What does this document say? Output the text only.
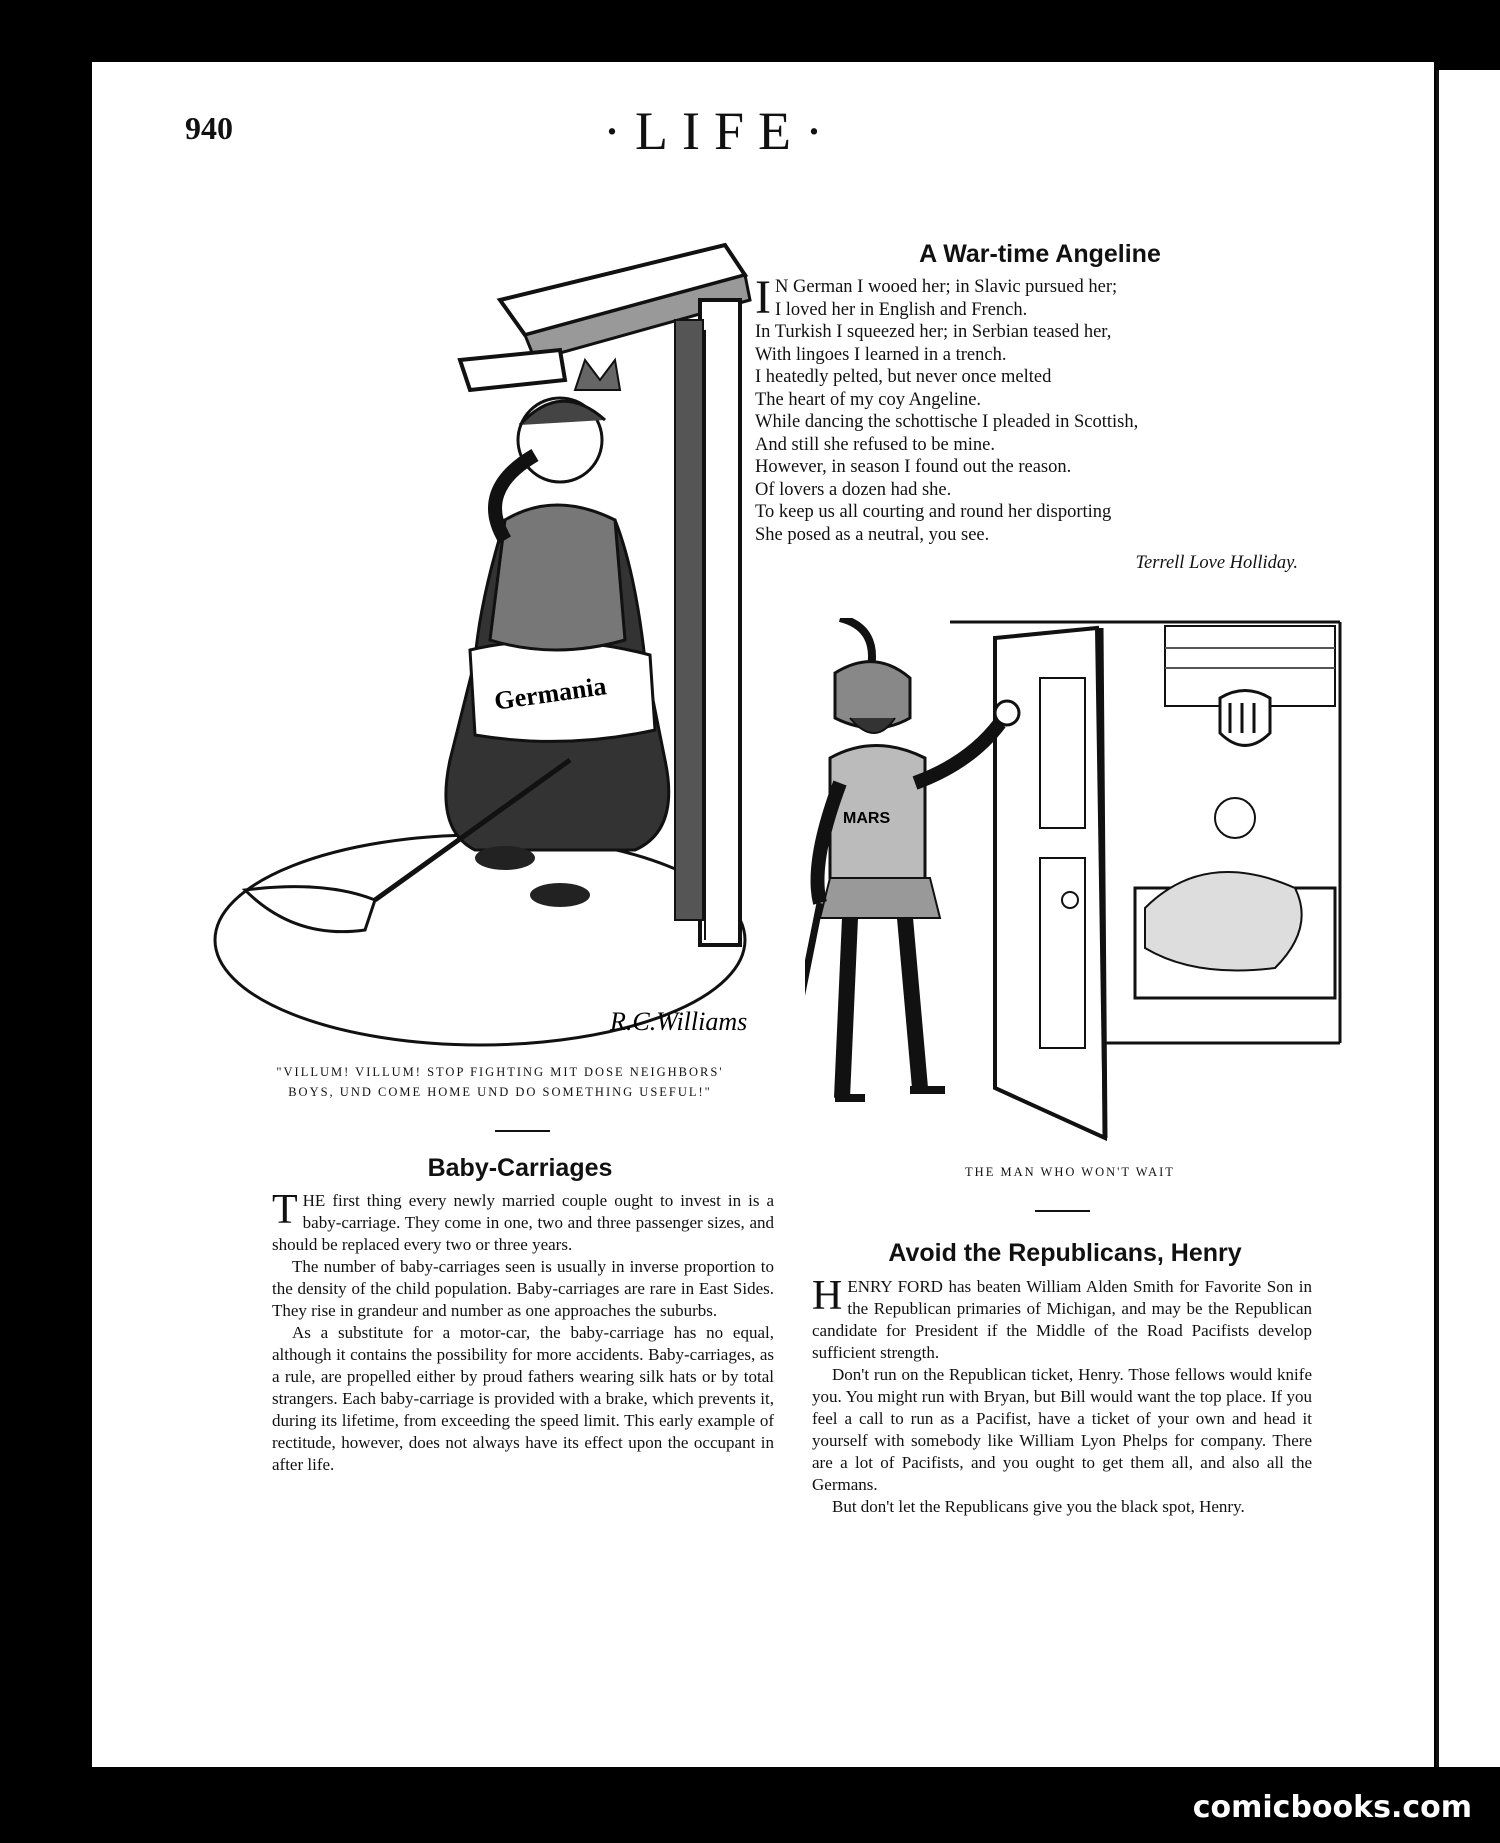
940	·LIFE·
Germania
R.C.Williams
"VILLUM! VILLUM! STOP FIGHTING MIT DOSE NEIGHBORS'
BOYS, UND COME HOME UND DO SOMETHING USEFUL!"
A War-time Angeline
I N German I wooed her; in Slavic pursued her;
I loved her in English and French.
In Turkish I squeezed her; in Serbian teased her,
With lingoes I learned in a trench.
I heatedly pelted, but never once melted
The heart of my coy Angeline.
While dancing the schottische I pleaded in Scottish,
And still she refused to be mine.
However, in season I found out the reason.
Of lovers a dozen had she.
To keep us all courting and round her disporting
She posed as a neutral, you see.
Terrell Love Holliday.
MARS
THE MAN WHO WON'T WAIT
Baby-Carriages

THE first thing every newly married couple ought to invest in is a baby-carriage. They come in one, two and three passenger sizes, and should be replaced every two or three years.

The number of baby-carriages seen is usually in inverse proportion to the density of the child population. Baby-carriages are rare in East Sides. They rise in grandeur and number as one approaches the suburbs.

As a substitute for a motor-car, the baby-carriage has no equal, although it contains the possibility for more accidents. Baby-carriages, as a rule, are propelled either by proud fathers wearing silk hats or by total strangers. Each baby-carriage is provided with a brake, which prevents it, during its lifetime, from exceeding the speed limit. This early example of rectitude, however, does not always have its effect upon the occupant in after life.

Avoid the Republicans, Henry

HENRY FORD has beaten William Alden Smith for Favorite Son in the Republican primaries of Michigan, and may be the Republican candidate for President if the Middle of the Road Pacifists develop sufficient strength.

Don't run on the Republican ticket, Henry. Those fellows would knife you. You might run with Bryan, but Bill would want the top place. If you feel a call to run as a Pacifist, have a ticket of your own and head it yourself with somebody like William Lyon Phelps for company. There are a lot of Pacifists, and you ought to get them all, and also all the Germans.

But don't let the Republicans give you the black spot, Henry.

comicbooks.com
